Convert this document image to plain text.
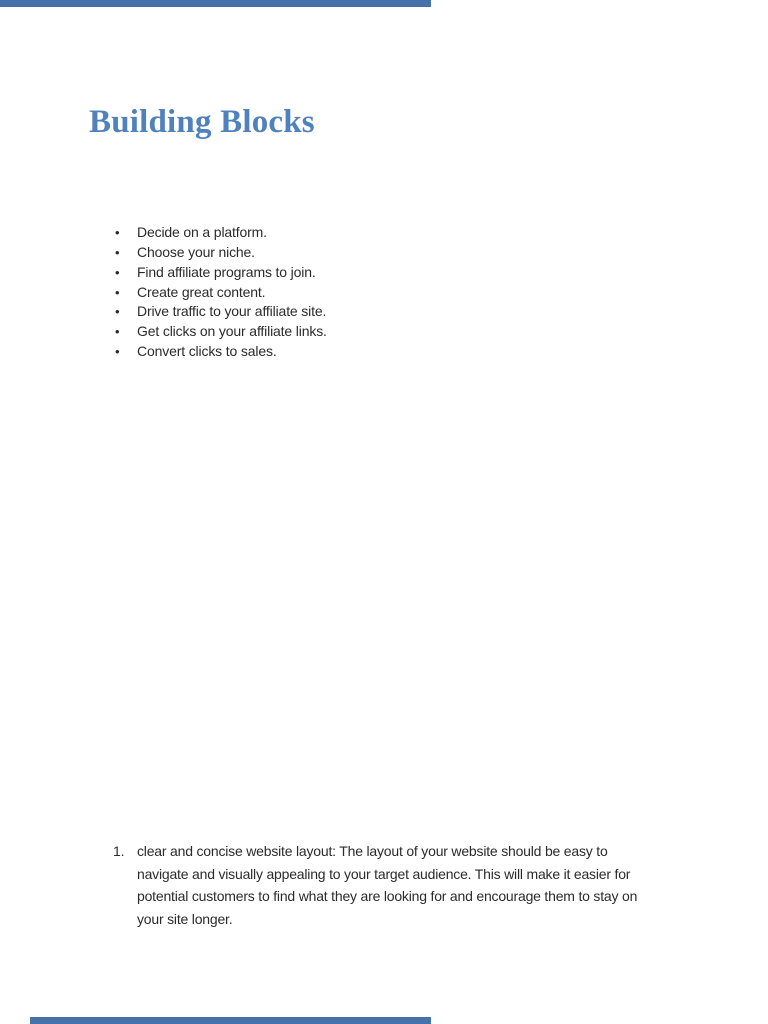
Building Blocks
•	Decide on a platform.
•	Choose your niche.
•	Find affiliate programs to join.
•	Create great content.
•	Drive traffic to your affiliate site.
•	Get clicks on your affiliate links.
•	Convert clicks to sales.
1. clear and concise website layout: The layout of your website should be easy to
navigate and visually appealing to your target audience. This will make it easier for
potential customers to find what they are looking for and encourage them to stay on
your site longer.
